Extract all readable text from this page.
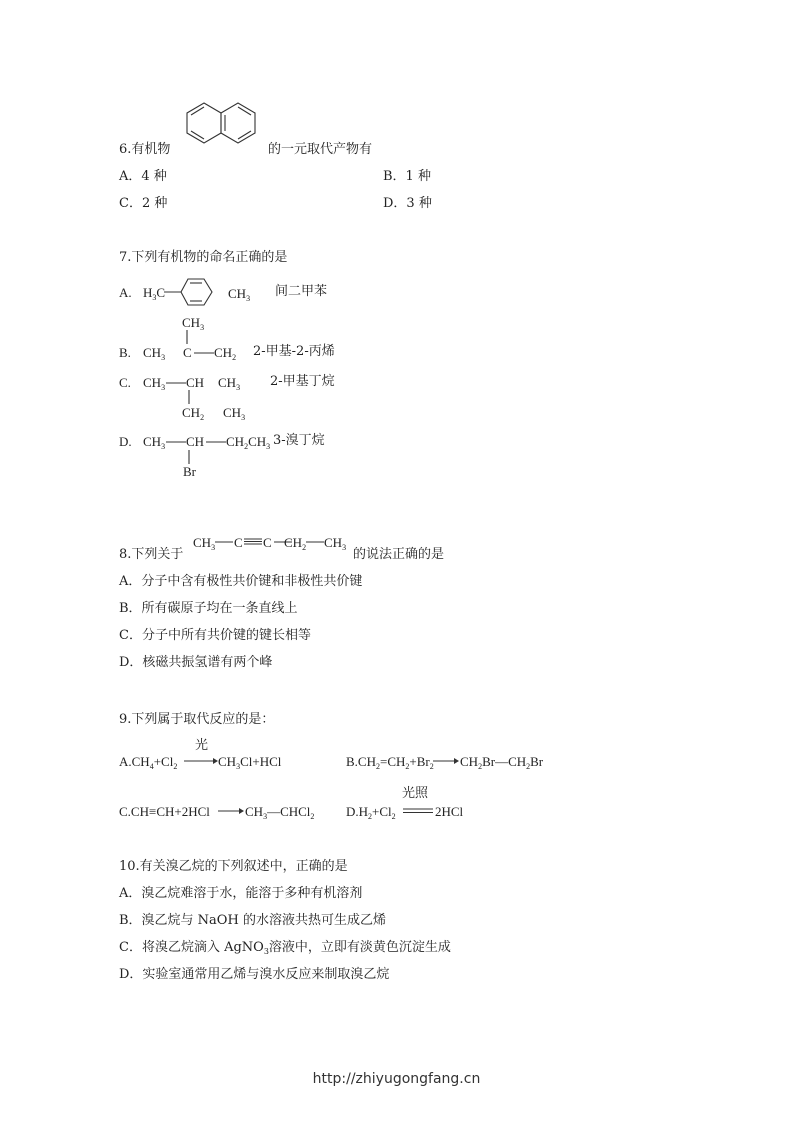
6.有机物	的一元取代产物有
A．4 种	B．1 种
C．2 种	D．3 种
7.下列有机物的命名正确的是
A. $H_3C$	$CH_3$ 间二甲苯
$CH_3$
B. $CH_3$ C $CH_2$ 2-甲基-2-丙烯
C. $CH_3$ CH $CH_3$ 2-甲基丁烷
$CH_2$ $CH_3$
D. $CH_3$ CH $CH_2CH_3$ 3-溴丁烷
Br
8.下列关于
$CH_3$ C C $CH_2$ $CH_3$ 的说法正确的是
A．分子中含有极性共价键和非极性共价键
B．所有碳原子均在一条直线上
C．分子中所有共价键的键长相等
D．核磁共振氢谱有两个峰
9.下列属于取代反应的是：
光
$A.CH_4+Cl_2$	$CH_3Cl+HCl$	$B.CH_2=CH_2+Br_2$ $CH_2Br—CH_2Br$
C.CH≡CH+2HCl	$CH_3—CHCl_2$
光照
$D.H_2+Cl_2$	2HCl
10.有关溴乙烷的下列叙述中，正确的是
A．溴乙烷难溶于水，能溶于多种有机溶剂
B．溴乙烷与 NaOH 的水溶液共热可生成乙烯
C．将溴乙烷滴入 AgNO$_3$溶液中，立即有淡黄色沉淀生成
D．实验室通常用乙烯与溴水反应来制取溴乙烷
http://zhiyugongfang.cn
